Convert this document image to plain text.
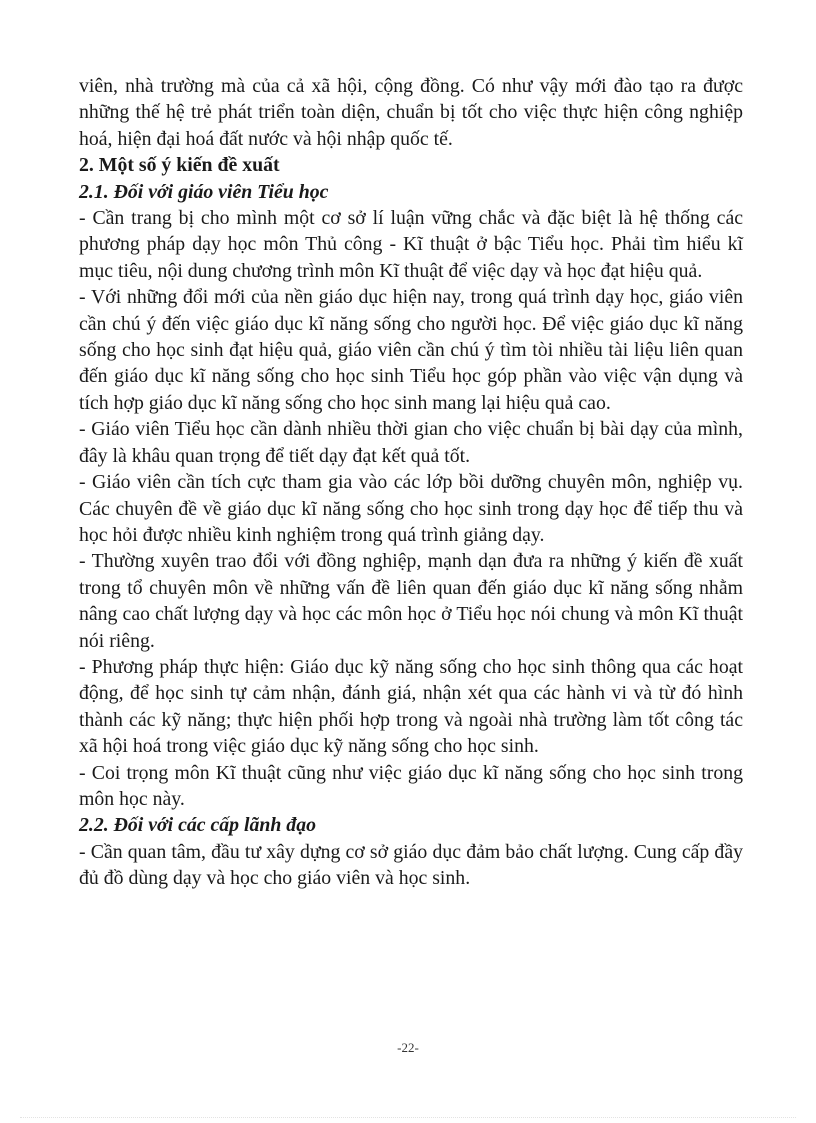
viên, nhà trường mà của cả xã hội, cộng đồng. Có như vậy mới đào tạo ra được những thế hệ trẻ phát triển toàn diện, chuẩn bị tốt cho việc thực hiện công nghiệp hoá, hiện đại hoá đất nước và hội nhập quốc tế.

2. Một số ý kiến đề xuất

2.1. Đối với giáo viên Tiểu học

- Cần trang bị cho mình một cơ sở lí luận vững chắc và đặc biệt là hệ thống các phương pháp dạy học môn Thủ công - Kĩ thuật ở bậc Tiểu học. Phải tìm hiểu kĩ mục tiêu, nội dung chương trình môn Kĩ thuật để việc dạy và học đạt hiệu quả.

- Với những đổi mới của nền giáo dục hiện nay, trong quá trình dạy học, giáo viên cần chú ý đến việc giáo dục kĩ năng sống cho người học. Để việc giáo dục kĩ năng sống cho học sinh đạt hiệu quả, giáo viên cần chú ý tìm tòi nhiều tài liệu liên quan đến giáo dục kĩ năng sống cho học sinh Tiểu học góp phần vào việc vận dụng và tích hợp giáo dục kĩ năng sống cho học sinh mang lại hiệu quả cao.

- Giáo viên Tiểu học cần dành nhiều thời gian cho việc chuẩn bị bài dạy của mình, đây là khâu quan trọng để tiết dạy đạt kết quả tốt.

- Giáo viên cần tích cực tham gia vào các lớp bồi dưỡng chuyên môn, nghiệp vụ. Các chuyên đề về giáo dục kĩ năng sống cho học sinh trong dạy học để tiếp thu và học hỏi được nhiều kinh nghiệm trong quá trình giảng dạy.

- Thường xuyên trao đổi với đồng nghiệp, mạnh dạn đưa ra những ý kiến đề xuất trong tổ chuyên môn về những vấn đề liên quan đến giáo dục kĩ năng sống nhằm nâng cao chất lượng dạy và học các môn học ở Tiểu học nói chung và môn Kĩ thuật nói riêng.

- Phương pháp thực hiện: Giáo dục kỹ năng sống cho học sinh thông qua các hoạt động, để học sinh tự cảm nhận, đánh giá, nhận xét qua các hành vi và từ đó hình thành các kỹ năng; thực hiện phối hợp trong và ngoài nhà trường làm tốt công tác xã hội hoá trong việc giáo dục kỹ năng sống cho học sinh.

- Coi trọng môn Kĩ thuật cũng như việc giáo dục kĩ năng sống cho học sinh trong môn học này.

2.2. Đối với các cấp lãnh đạo

- Cần quan tâm, đầu tư xây dựng cơ sở giáo dục đảm bảo chất lượng. Cung cấp đầy đủ đồ dùng dạy và học cho giáo viên và học sinh.

-22-
